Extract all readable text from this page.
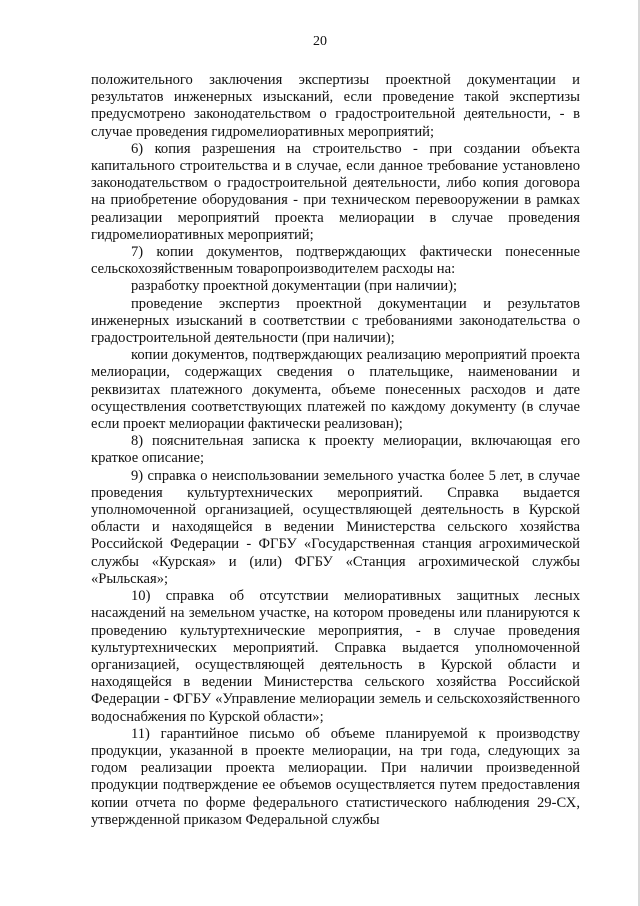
20

положительного заключения экспертизы проектной документации и результатов инженерных изысканий, если проведение такой экспертизы предусмотрено законодательством о градостроительной деятельности, - в случае проведения гидромелиоративных мероприятий;

6) копия разрешения на строительство - при создании объекта капитального строительства и в случае, если данное требование установлено законодательством о градостроительной деятельности, либо копия договора на приобретение оборудования - при техническом перевооружении в рамках реализации мероприятий проекта мелиорации в случае проведения гидромелиоративных мероприятий;

7) копии документов, подтверждающих фактически понесенные сельскохозяйственным товаропроизводителем расходы на:

разработку проектной документации (при наличии);

проведение экспертиз проектной документации и результатов инженерных изысканий в соответствии с требованиями законодательства о градостроительной деятельности (при наличии);

копии документов, подтверждающих реализацию мероприятий проекта мелиорации, содержащих сведения о плательщике, наименовании и реквизитах платежного документа, объеме понесенных расходов и дате осуществления соответствующих платежей по каждому документу (в случае если проект мелиорации фактически реализован);

8) пояснительная записка к проекту мелиорации, включающая его краткое описание;

9) справка о неиспользовании земельного участка более 5 лет, в случае проведения культуртехнических мероприятий. Справка выдается уполномоченной организацией, осуществляющей деятельность в Курской области и находящейся в ведении Министерства сельского хозяйства Российской Федерации - ФГБУ «Государственная станция агрохимической службы «Курская» и (или) ФГБУ «Станция агрохимической службы «Рыльская»;

10) справка об отсутствии мелиоративных защитных лесных насаждений на земельном участке, на котором проведены или планируются к проведению культуртехнические мероприятия, - в случае проведения культуртехнических мероприятий. Справка выдается уполномоченной организацией, осуществляющей деятельность в Курской области и находящейся в ведении Министерства сельского хозяйства Российской Федерации - ФГБУ «Управление мелиорации земель и сельскохозяйственного водоснабжения по Курской области»;

11) гарантийное письмо об объеме планируемой к производству продукции, указанной в проекте мелиорации, на три года, следующих за годом реализации проекта мелиорации. При наличии произведенной продукции подтверждение ее объемов осуществляется путем предоставления копии отчета по форме федерального статистического наблюдения 29-СХ, утвержденной приказом Федеральной службы
